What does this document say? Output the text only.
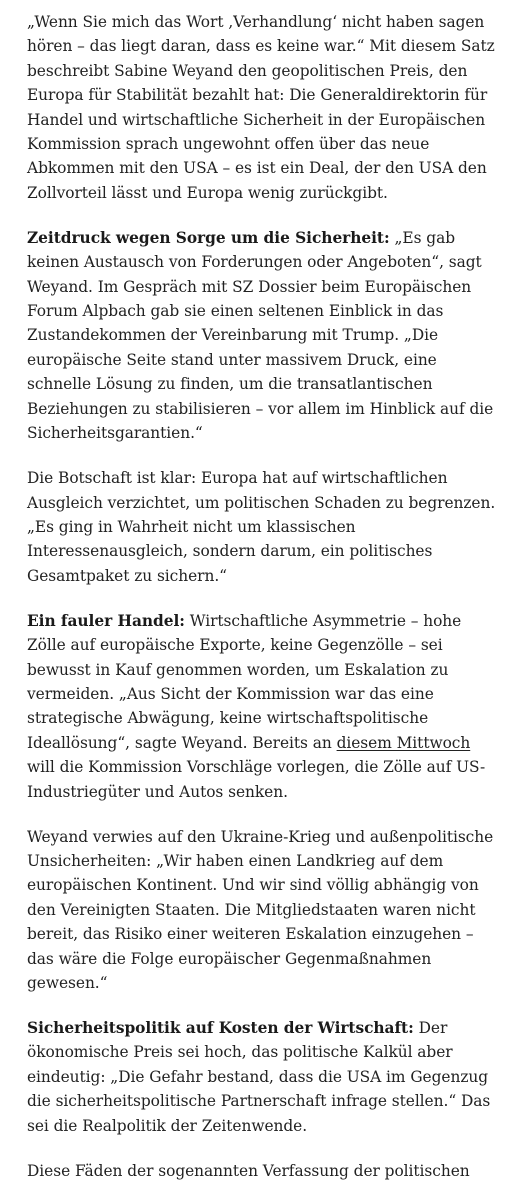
„Wenn Sie mich das Wort ‚Verhandlung‘ nicht haben sagen hören – das liegt daran, dass es keine war.“ Mit diesem Satz beschreibt Sabine Weyand den geopolitischen Preis, den Europa für Stabilität bezahlt hat: Die Generaldirektorin für Handel und wirtschaftliche Sicherheit in der Europäischen Kommission sprach ungewohnt offen über das neue Abkommen mit den USA – es ist ein Deal, der den USA den Zollvorteil lässt und Europa wenig zurückgibt.

Zeitdruck wegen Sorge um die Sicherheit: „Es gab keinen Austausch von Forderungen oder Angeboten“, sagt Weyand. Im Gespräch mit SZ Dossier beim Europäischen Forum Alpbach gab sie einen seltenen Einblick in das Zustandekommen der Vereinbarung mit Trump. „Die europäische Seite stand unter massivem Druck, eine schnelle Lösung zu finden, um die transatlantischen Beziehungen zu stabilisieren – vor allem im Hinblick auf die Sicherheitsgarantien.“

Die Botschaft ist klar: Europa hat auf wirtschaftlichen Ausgleich verzichtet, um politischen Schaden zu begrenzen. „Es ging in Wahrheit nicht um klassischen Interessenausgleich, sondern darum, ein politisches Gesamtpaket zu sichern.“

Ein fauler Handel: Wirtschaftliche Asymmetrie – hohe Zölle auf europäische Exporte, keine Gegenzölle – sei bewusst in Kauf genommen worden, um Eskalation zu vermeiden. „Aus Sicht der Kommission war das eine strategische Abwägung, keine wirtschaftspolitische Ideallösung“, sagte Weyand. Bereits an diesem Mittwoch will die Kommission Vorschläge vorlegen, die Zölle auf US-Industriegüter und Autos senken.

Weyand verwies auf den Ukraine-Krieg und außenpolitische Unsicherheiten: „Wir haben einen Landkrieg auf dem europäischen Kontinent. Und wir sind völlig abhängig von den Vereinigten Staaten. Die Mitgliedstaaten waren nicht bereit, das Risiko einer weiteren Eskalation einzugehen – das wäre die Folge europäischer Gegenmaßnahmen gewesen.“

Sicherheitspolitik auf Kosten der Wirtschaft: Der ökonomische Preis sei hoch, das politische Kalkül aber eindeutig: „Die Gefahr bestand, dass die USA im Gegenzug die sicherheitspolitische Partnerschaft infrage stellen.“ Das sei die Realpolitik der Zeitenwende.

Diese Fäden der sogenannten Verfassung der politischen
